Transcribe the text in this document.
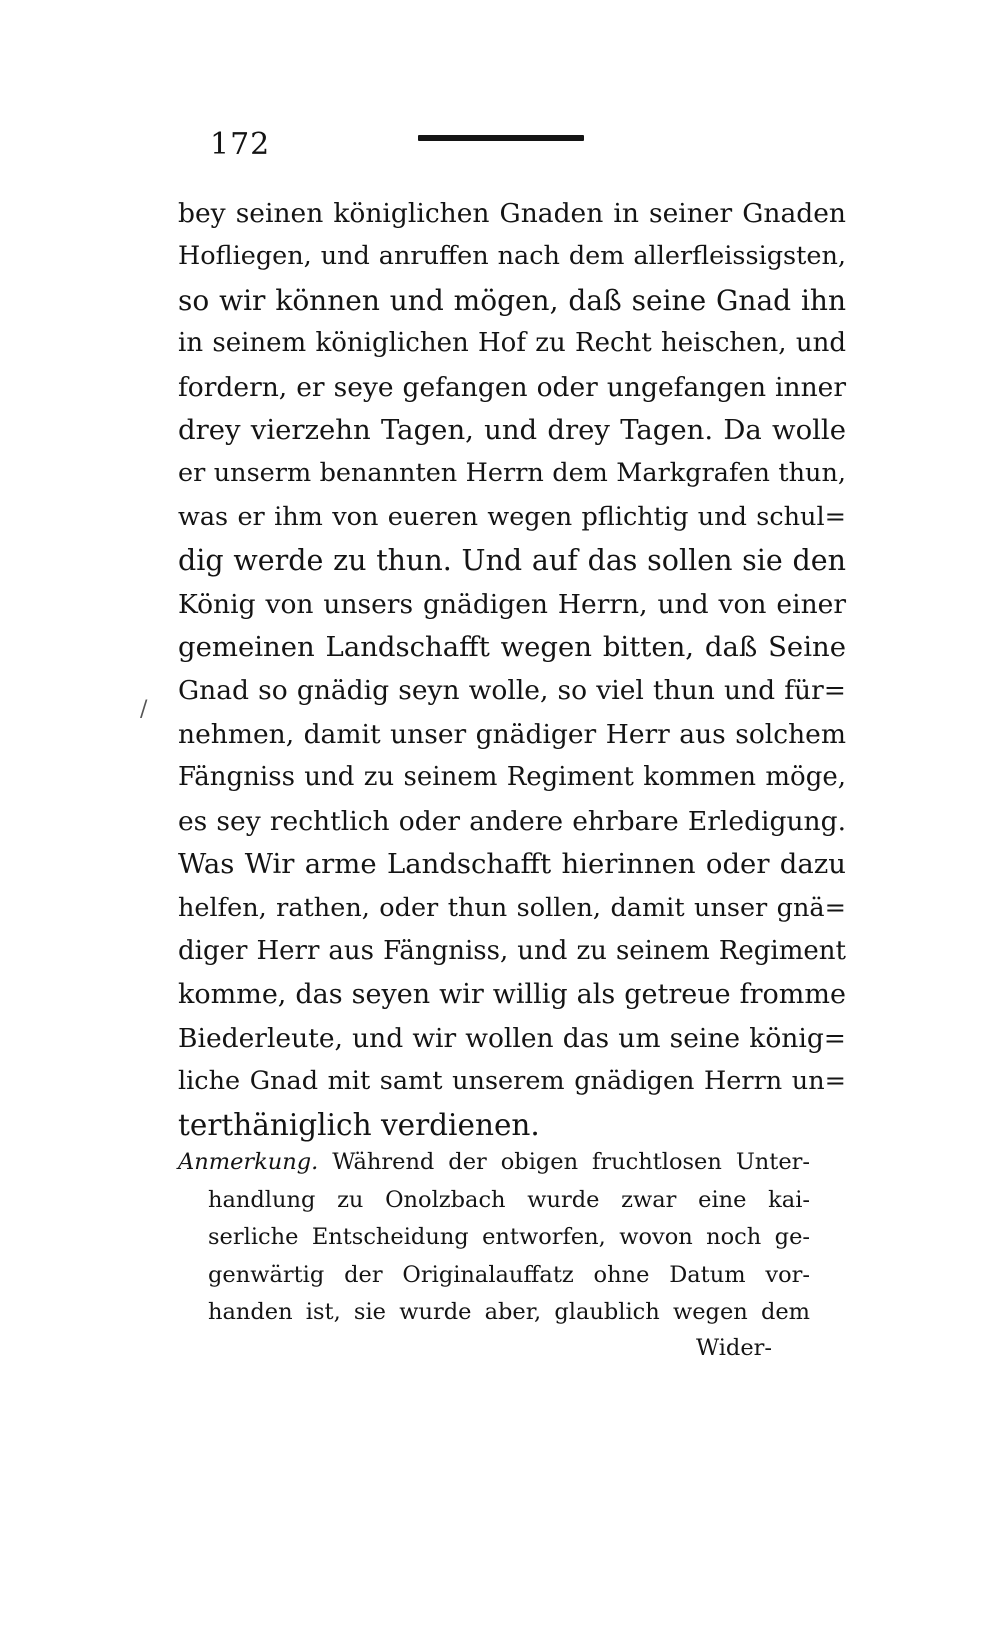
172
bey seinen königlichen Gnaden in seiner Gnaden
Hofliegen, und anruffen nach dem allerfleissigsten,
so wir können und mögen, daß seine Gnad ihn
in seinem königlichen Hof zu Recht heischen, und
fordern, er seye gefangen oder ungefangen inner
drey vierzehn Tagen, und drey Tagen. Da wolle
er unserm benannten Herrn dem Markgrafen thun,
was er ihm von eueren wegen pflichtig und schul=
dig werde zu thun. Und auf das sollen sie den
König von unsers gnädigen Herrn, und von einer
gemeinen Landschafft wegen bitten, daß Seine
Gnad so gnädig seyn wolle, so viel thun und für=
nehmen, damit unser gnädiger Herr aus solchem
Fängniss und zu seinem Regiment kommen möge,
es sey rechtlich oder andere ehrbare Erledigung.
Was Wir arme Landschafft hierinnen oder dazu
helfen, rathen, oder thun sollen, damit unser gnä=
diger Herr aus Fängniss, und zu seinem Regiment
komme, das seyen wir willig als getreue fromme
Biederleute, und wir wollen das um seine könig=
liche Gnad mit samt unserem gnädigen Herrn un=
terthäniglich verdienen.
/
Anmerkung. Während der obigen fruchtlosen Unter-
handlung zu Onolzbach wurde zwar eine kai-
serliche Entscheidung entworfen, wovon noch ge-
genwärtig der Originalauffatz ohne Datum vor-
handen ist, sie wurde aber, glaublich wegen dem
Wider-
